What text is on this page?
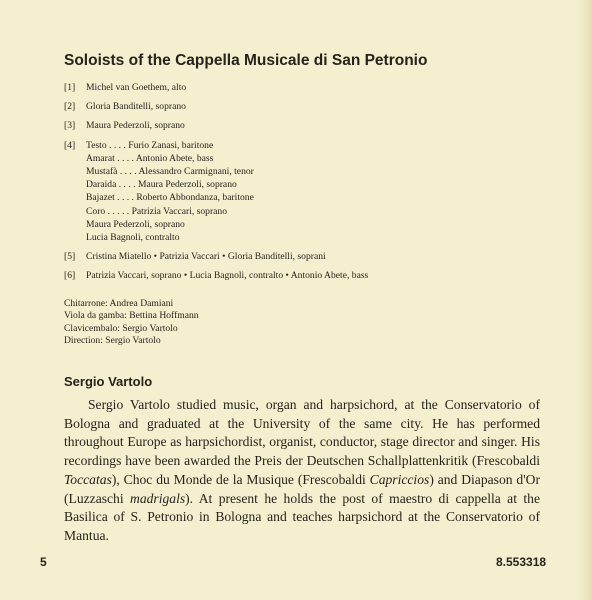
Soloists of the Cappella Musicale di San Petronio
[1]	Michel van Goethem, alto
[2]	Gloria Banditelli, soprano
[3]	Maura Pederzoli, soprano
[4]	Testo . . . . Furio Zanasi, baritone
Amarat . . . . Antonio Abete, bass
Mustafà . . . . Alessandro Carmignani, tenor
Daraida . . . . Maura Pederzoli, soprano
Bajazet . . . . Roberto Abbondanza, baritone
Coro . . . . . Patrizia Vaccari, soprano
Maura Pederzoli, soprano
Lucia Bagnoli, contralto
[5]	Cristina Miatello • Patrizia Vaccari • Gloria Banditelli, soprani
[6]	Patrizia Vaccari, soprano • Lucia Bagnoli, contralto • Antonio Abete, bass
Chitarrone: Andrea Damiani
Viola da gamba: Bettina Hoffmann
Clavicembalo: Sergio Vartolo
Direction: Sergio Vartolo
Sergio Vartolo

Sergio Vartolo studied music, organ and harpsichord, at the Conservatorio of Bologna and graduated at the University of the same city. He has performed throughout Europe as harpsichordist, organist, conductor, stage director and singer. His recordings have been awarded the Preis der Deutschen Schallplattenkritik (Frescobaldi Toccatas), Choc du Monde de la Musique (Frescobaldi Capriccios) and Diapason d'Or (Luzzaschi madrigals). At present he holds the post of maestro di cappella at the Basilica of S. Petronio in Bologna and teaches harpsichord at the Conservatorio of Mantua.

5	8.553318
